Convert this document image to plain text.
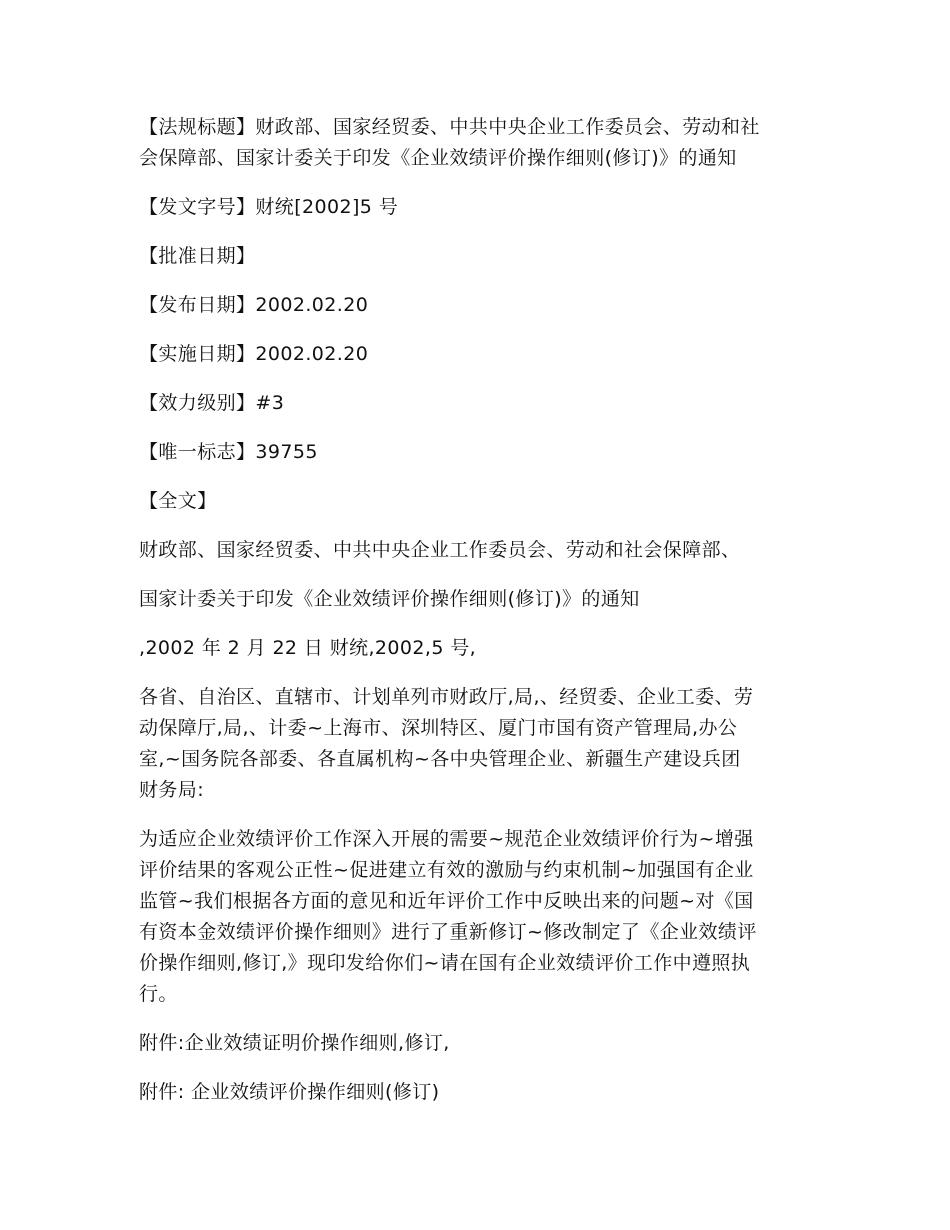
【法规标题】财政部、国家经贸委、中共中央企业工作委员会、劳动和社

会保障部、国家计委关于印发《企业效绩评价操作细则(修订)》的通知

【发文字号】财统[2002]5 号

【批准日期】

【发布日期】2002.02.20

【实施日期】2002.02.20

【效力级别】#3

【唯一标志】39755

【全文】

财政部、国家经贸委、中共中央企业工作委员会、劳动和社会保障部、

国家计委关于印发《企业效绩评价操作细则(修订)》的通知

,2002 年 2 月 22 日 财统,2002,5 号,

各省、自治区、直辖市、计划单列市财政厅,局,、经贸委、企业工委、劳

动保障厅,局,、计委~上海市、深圳特区、厦门市国有资产管理局,办公

室,~国务院各部委、各直属机构~各中央管理企业、新疆生产建设兵团

财务局:

为适应企业效绩评价工作深入开展的需要~规范企业效绩评价行为~增强

评价结果的客观公正性~促进建立有效的激励与约束机制~加强国有企业

监管~我们根据各方面的意见和近年评价工作中反映出来的问题~对《国

有资本金效绩评价操作细则》进行了重新修订~修改制定了《企业效绩评

价操作细则,修订,》现印发给你们~请在国有企业效绩评价工作中遵照执

行。

附件:企业效绩证明价操作细则,修订,

附件: 企业效绩评价操作细则(修订)
